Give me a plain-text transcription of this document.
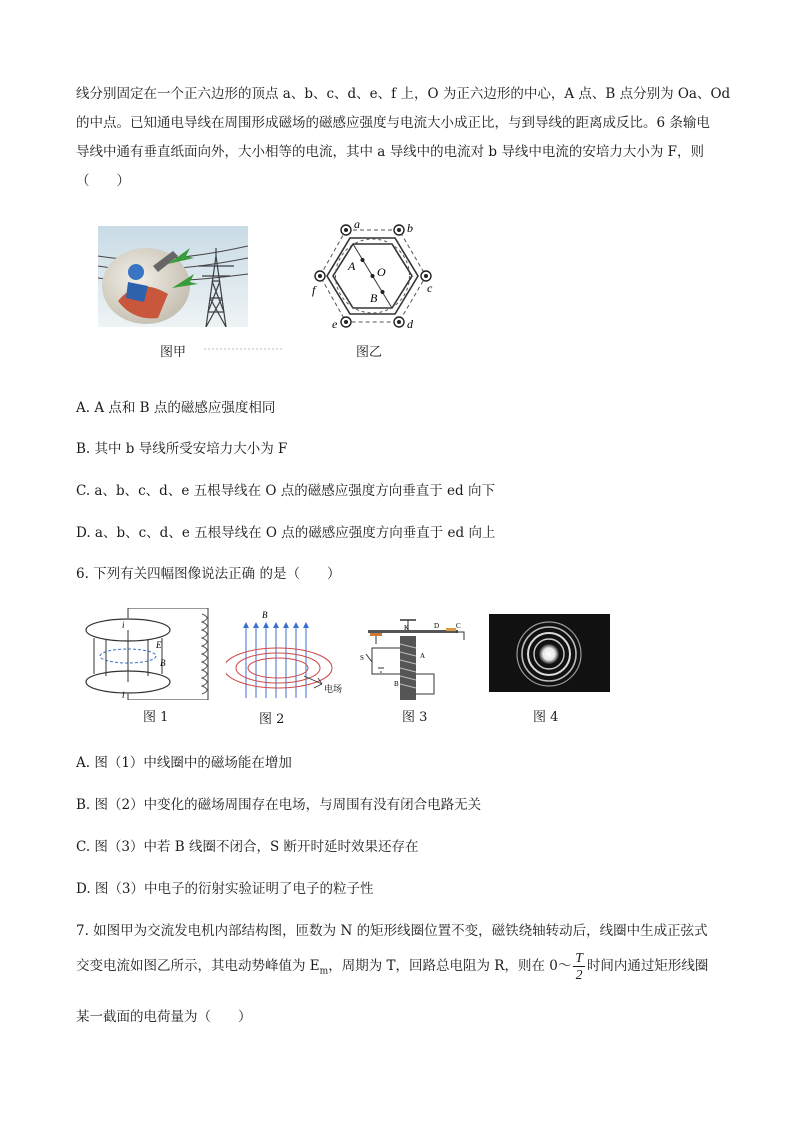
线分别固定在一个正六边形的顶点 a、b、c、d、e、f 上，O 为正六边形的中心，A 点、B 点分别为 Oa、Od
的中点。已知通电导线在周围形成磁场的磁感应强度与电流大小成正比，与到导线的距离成反比。6 条输电
导线中通有垂直纸面向外，大小相等的电流，其中 a 导线中的电流对 b 导线中电流的安培力大小为 F，则
（　　）
图甲
a	b
c
d
e
f
A O
B
图乙
A. A 点和 B 点的磁感应强度相同
B. 其中 b 导线所受安培力大小为 F
C. a、b、c、d、e 五根导线在 O 点的磁感应强度方向垂直于 ed 向下
D. a、b、c、d、e 五根导线在 O 点的磁感应强度方向垂直于 ed 向上
6. 下列有关四幅图像说法正确 的是（　　）
i
E
B
i
图 1
B
电场
图 2
K	D C
S	A
B
图 3	图 4
A. 图（1）中线圈中的磁场能在增加
B. 图（2）中变化的磁场周围存在电场，与周围有没有闭合电路无关
C. 图（3）中若 B 线圈不闭合，S 断开时延时效果还存在
D. 图（3）中电子的衍射实验证明了电子的粒子性
7. 如图甲为交流发电机内部结构图，匝数为 N 的矩形线圈位置不变，磁铁绕轴转动后，线圈中生成正弦式
交变电流如图乙所示，其电动势峰值为 $E_m$，周期为 T，回路总电阻为 R，则在 0～ $\frac{T}{2}$ 时间内通过矩形线圈
某一截面的电荷量为（　　）
